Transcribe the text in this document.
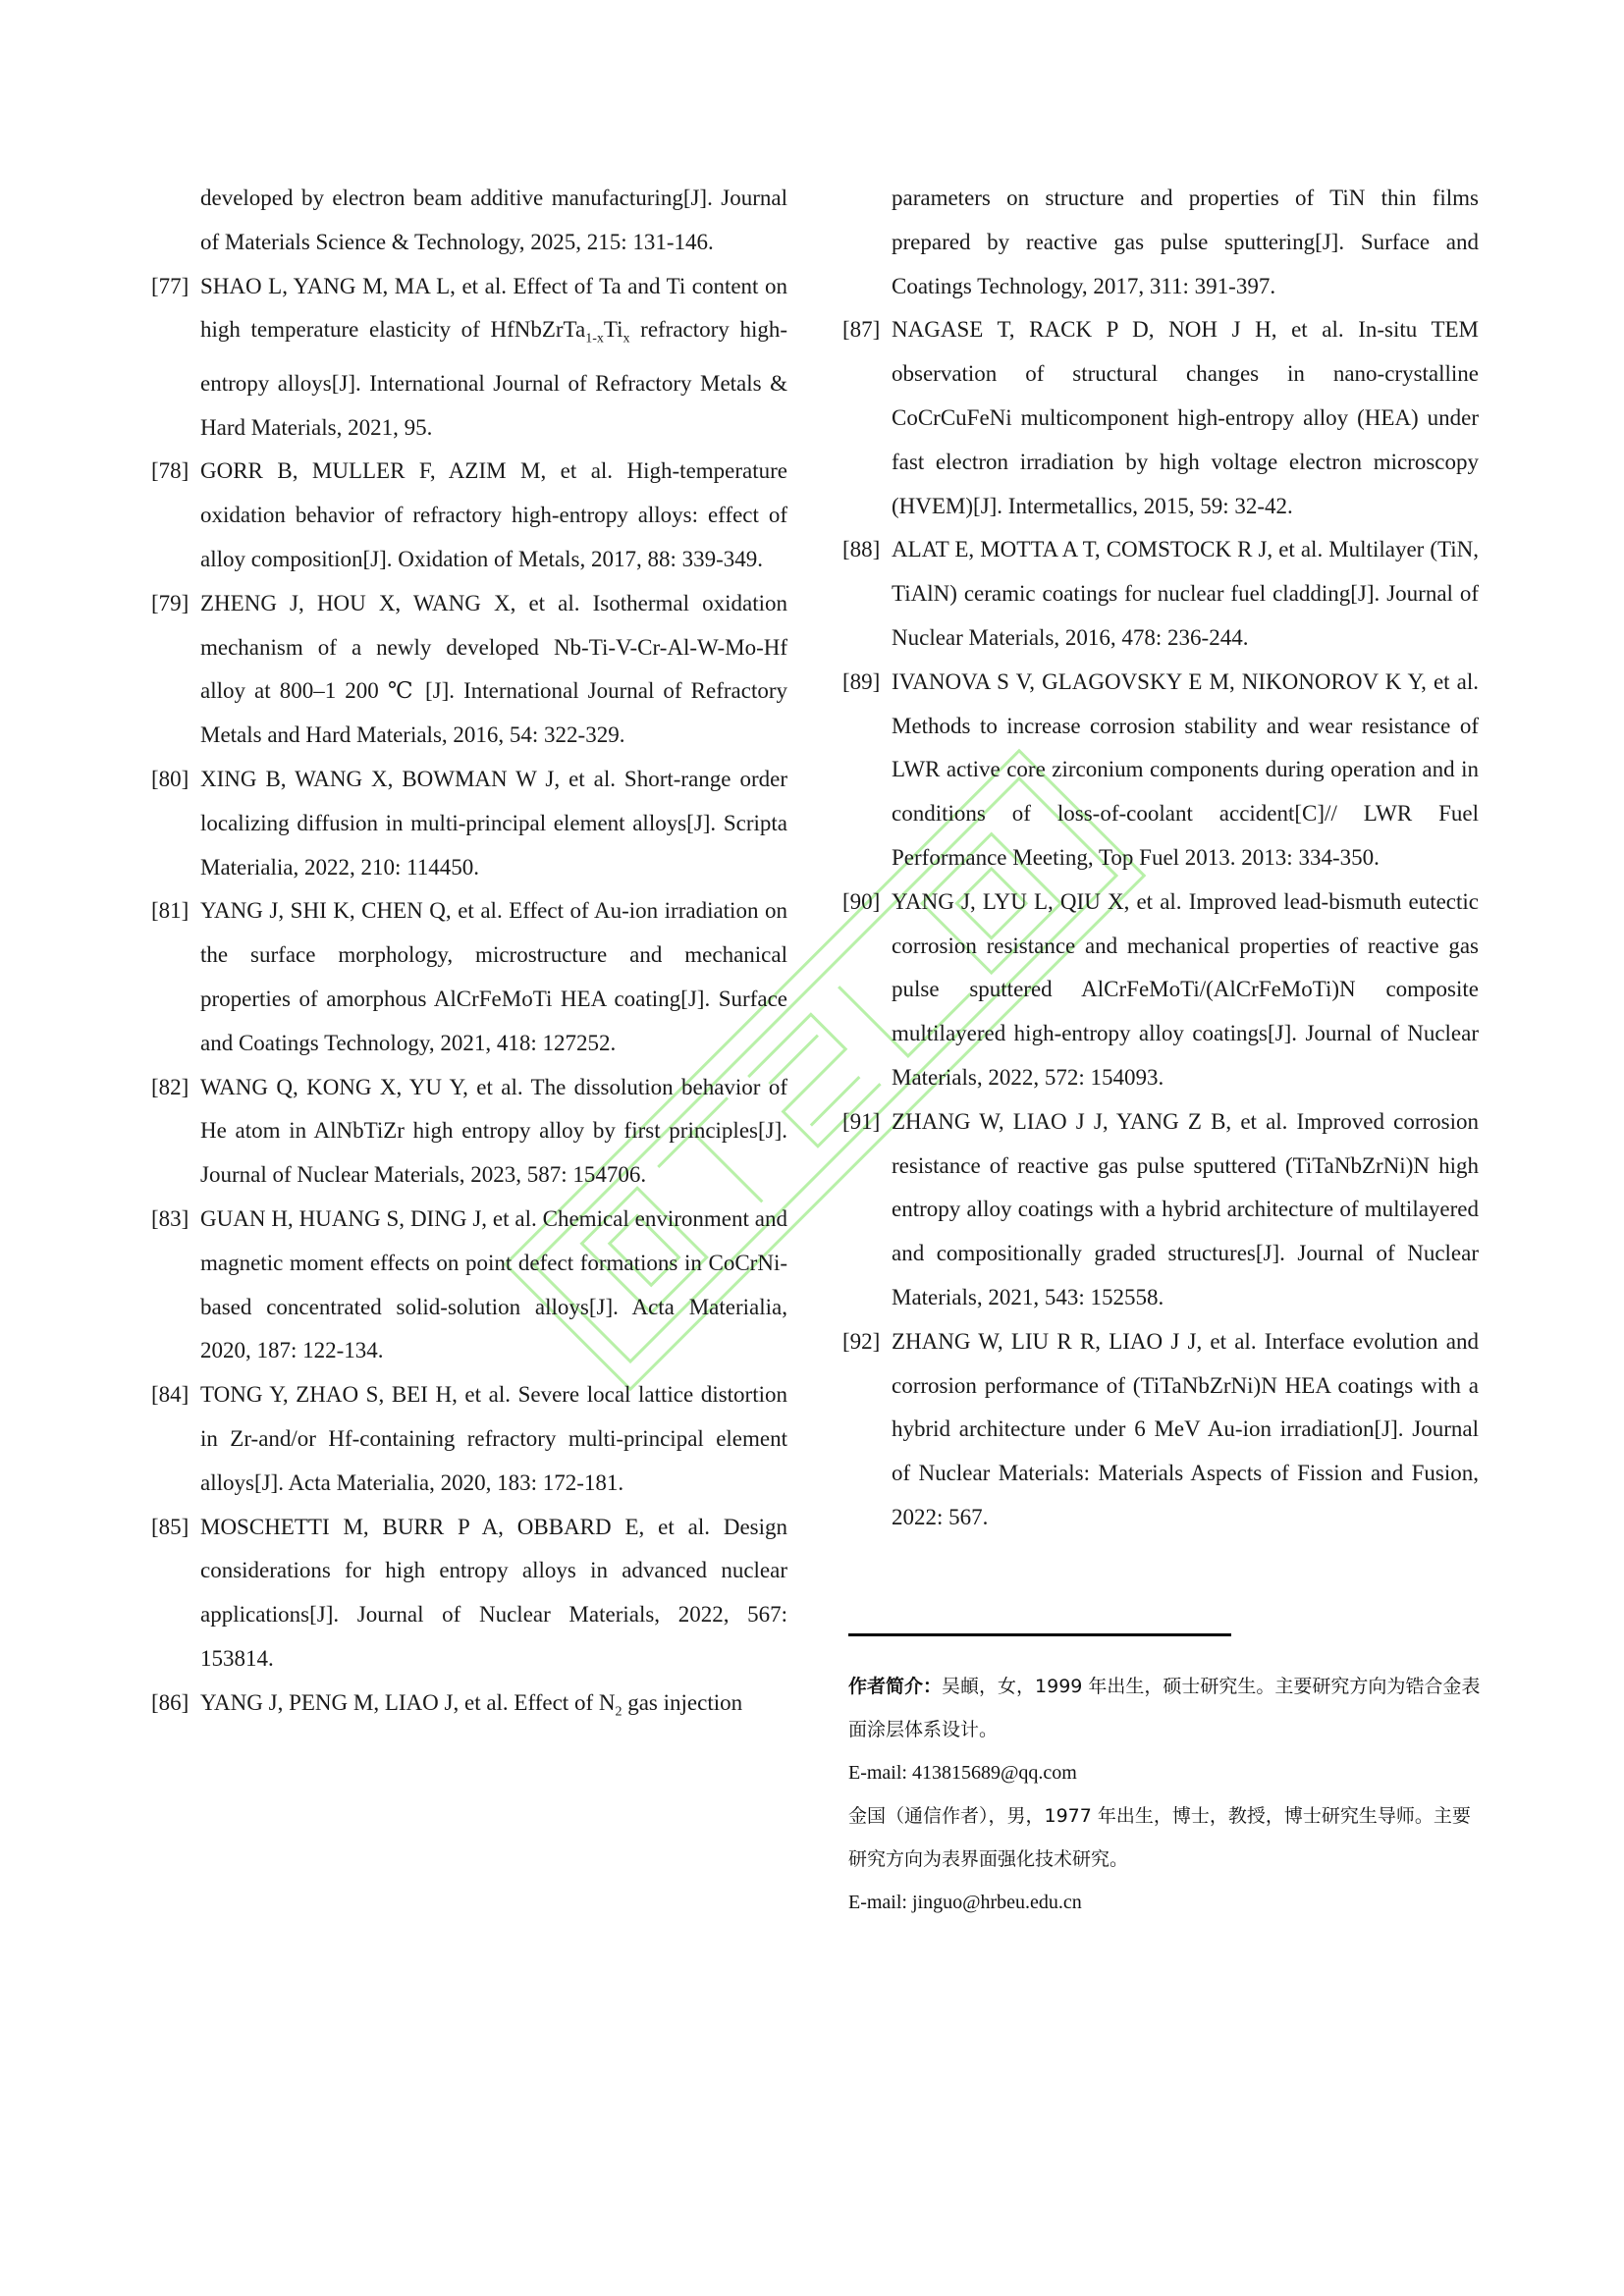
developed by electron beam additive manufacturing[J]. Journal of Materials Science & Technology, 2025, 215: 131-146.

[77] SHAO L, YANG M, MA L, et al. Effect of Ta and Ti content on high temperature elasticity of $HfNbZrTa_{1-x}Ti_x$ refractory high-entropy alloys[J]. International Journal of Refractory Metals & Hard Materials, 2021, 95.

[78] GORR B, MULLER F, AZIM M, et al. High-temperature oxidation behavior of refractory high-entropy alloys: effect of alloy composition[J]. Oxidation of Metals, 2017, 88: 339-349.

[79] ZHENG J, HOU X, WANG X, et al. Isothermal oxidation mechanism of a newly developed Nb-Ti-V-Cr-Al-W-Mo-Hf alloy at 800–1 200 ℃ [J]. International Journal of Refractory Metals and Hard Materials, 2016, 54: 322-329.

[80] XING B, WANG X, BOWMAN W J, et al. Short-range order localizing diffusion in multi-principal element alloys[J]. Scripta Materialia, 2022, 210: 114450.

[81] YANG J, SHI K, CHEN Q, et al. Effect of Au-ion irradiation on the surface morphology, microstructure and mechanical properties of amorphous AlCrFeMoTi HEA coating[J]. Surface and Coatings Technology, 2021, 418: 127252.

[82] WANG Q, KONG X, YU Y, et al. The dissolution behavior of He atom in AlNbTiZr high entropy alloy by first principles[J]. Journal of Nuclear Materials, 2023, 587: 154706.

[83] GUAN H, HUANG S, DING J, et al. Chemical environment and magnetic moment effects on point defect formations in CoCrNi-based concentrated solid-solution alloys[J]. Acta Materialia, 2020, 187: 122-134.

[84] TONG Y, ZHAO S, BEI H, et al. Severe local lattice distortion in Zr-and/or Hf-containing refractory multi-principal element alloys[J]. Acta Materialia, 2020, 183: 172-181.

[85] MOSCHETTI M, BURR P A, OBBARD E, et al. Design considerations for high entropy alloys in advanced nuclear applications[J]. Journal of Nuclear Materials, 2022, 567: 153814.

[86] YANG J, PENG M, LIAO J, et al. Effect of $N_2$ gas injection

parameters on structure and properties of TiN thin films prepared by reactive gas pulse sputtering[J]. Surface and Coatings Technology, 2017, 311: 391-397.

[87] NAGASE T, RACK P D, NOH J H, et al. In-situ TEM observation of structural changes in nano-crystalline CoCrCuFeNi multicomponent high-entropy alloy (HEA) under fast electron irradiation by high voltage electron microscopy (HVEM)[J]. Intermetallics, 2015, 59: 32-42.

[88] ALAT E, MOTTA A T, COMSTOCK R J, et al. Multilayer (TiN, TiAlN) ceramic coatings for nuclear fuel cladding[J]. Journal of Nuclear Materials, 2016, 478: 236-244.

[89] IVANOVA S V, GLAGOVSKY E M, NIKONOROV K Y, et al. Methods to increase corrosion stability and wear resistance of LWR active core zirconium components during operation and in conditions of loss-of-coolant accident[C]// LWR Fuel Performance Meeting, Top Fuel 2013. 2013: 334-350.

[90] YANG J, LYU L, QIU X, et al. Improved lead-bismuth eutectic corrosion resistance and mechanical properties of reactive gas pulse sputtered AlCrFeMoTi/(AlCrFeMoTi)N composite multilayered high-entropy alloy coatings[J]. Journal of Nuclear Materials, 2022, 572: 154093.

[91] ZHANG W, LIAO J J, YANG Z B, et al. Improved corrosion resistance of reactive gas pulse sputtered (TiTaNbZrNi)N high entropy alloy coatings with a hybrid architecture of multilayered and compositionally graded structures[J]. Journal of Nuclear Materials, 2021, 543: 152558.

[92] ZHANG W, LIU R R, LIAO J J, et al. Interface evolution and corrosion performance of (TiTaNbZrNi)N HEA coatings with a hybrid architecture under 6 MeV Au-ion irradiation[J]. Journal of Nuclear Materials: Materials Aspects of Fission and Fusion, 2022: 567.

作者简介：吴頔，女，1999 年出生，硕士研究生。主要研究方向为锆合金表面涂层体系设计。

E-mail: 413815689@qq.com

金国（通信作者），男，1977 年出生，博士，教授，博士研究生导师。主要研究方向为表界面强化技术研究。

E-mail: jinguo@hrbeu.edu.cn
